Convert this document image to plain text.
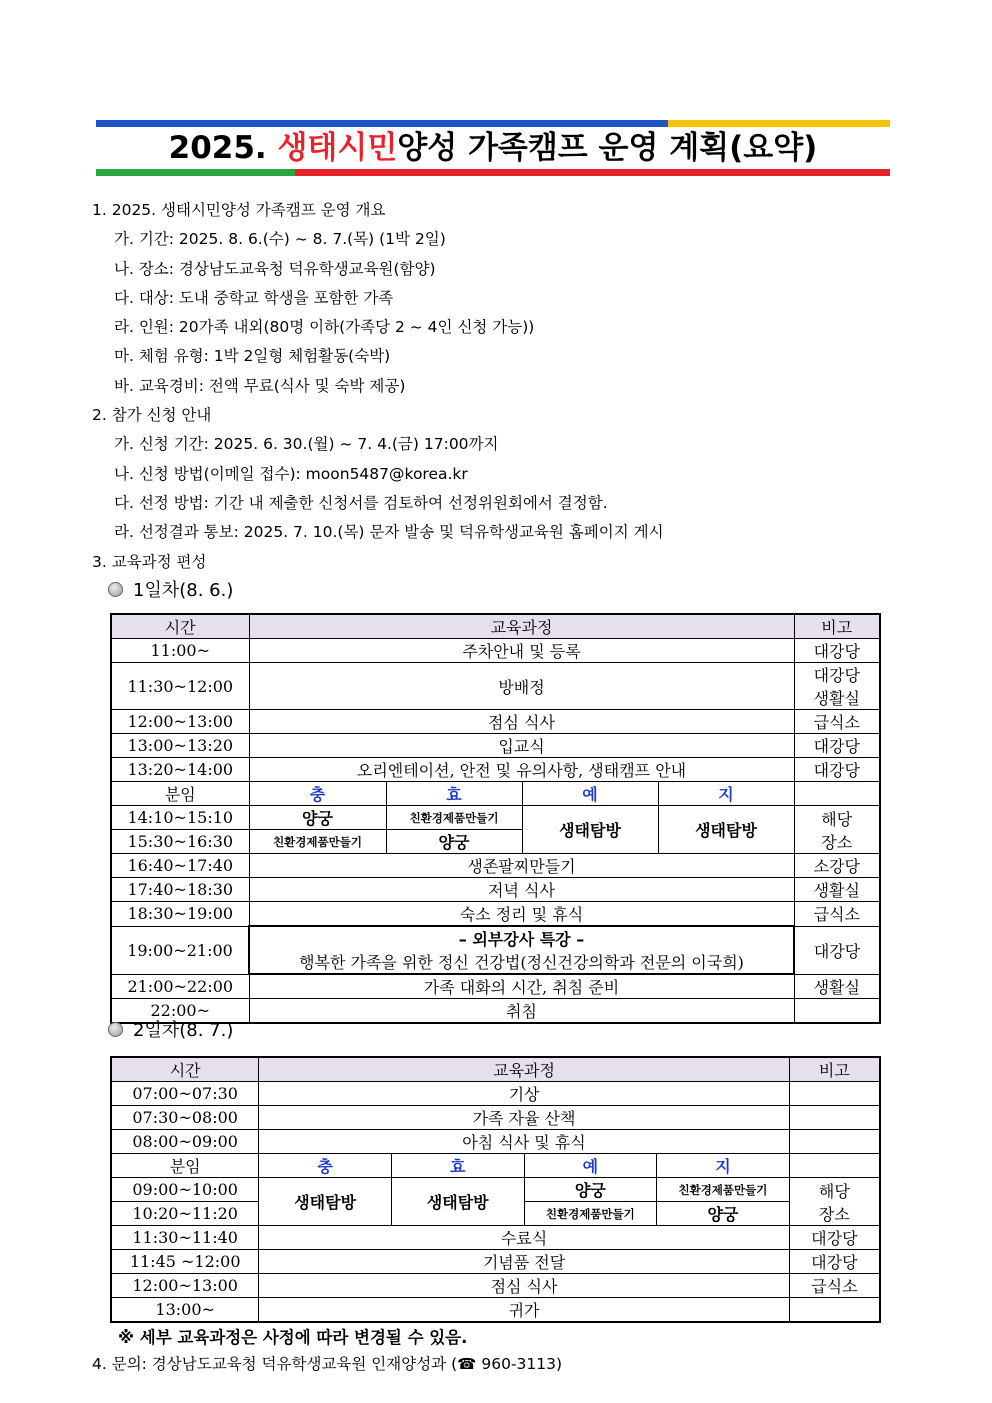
2025. 생태시민양성 가족캠프 운영 계획(요약)
1. 2025. 생태시민양성 가족캠프 운영 개요
가. 기간: 2025. 8. 6.(수) ~ 8. 7.(목) (1박 2일)
나. 장소: 경상남도교육청 덕유학생교육원(함양)
다. 대상: 도내 중학교 학생을 포함한 가족
라. 인원: 20가족 내외(80명 이하(가족당 2 ~ 4인 신청 가능))
마. 체험 유형: 1박 2일형 체험활동(숙박)
바. 교육경비: 전액 무료(식사 및 숙박 제공)
2. 참가 신청 안내
가. 신청 기간: 2025. 6. 30.(월) ~ 7. 4.(금) 17:00까지
나. 신청 방법(이메일 접수): moon5487@korea.kr
다. 선정 방법: 기간 내 제출한 신청서를 검토하여 선정위원회에서 결정함.
라. 선정결과 통보: 2025. 7. 10.(목) 문자 발송 및 덕유학생교육원 홈페이지 게시
3. 교육과정 편성
1일차(8. 6.)
시간	교육과정				비고
11:00~	주차안내 및 등록				대강당
11:30~12:00	방배정				대강당
생활실

12:00~13:00	점심 식사				급식소
13:00~13:20	입교식				대강당
13:20~14:00	오리엔테이션, 안전 및 유의사항, 생태캠프 안내				대강당
분임	충	효	예	지	
14:10~15:10	양궁	친환경제품만들기	생태탐방	생태탐방	해당
장소
15:30~16:30	친환경제품만들기	양궁			
16:40~17:40	생존팔찌만들기				소강당
17:40~18:30	저녁 식사				생활실
18:30~19:00	숙소 정리 및 휴식				급식소
19:00~21:00	– 외부강사 특강 –
행복한 가족을 위한 정신 건강법(정신건강의학과 전문의 이국희)				대강당
21:00~22:00	가족 대화의 시간, 취침 준비				생활실
22:00~	취침				
2일차(8. 7.)
시간	교육과정				비고
07:00~07:30	기상				
07:30~08:00	가족 자율 산책				
08:00~09:00	아침 식사 및 휴식				
분임	충	효	예	지	
09:00~10:00	생태탐방	생태탐방	양궁	친환경제품만들기	해당
장소
10:20~11:20			친환경제품만들기	양궁	
11:30~11:40	수료식				대강당
11:45 ~12:00	기념품 전달				대강당
12:00~13:00	점심 식사				급식소
13:00~	귀가				
※ 세부 교육과정은 사정에 따라 변경될 수 있음.
4. 문의: 경상남도교육청 덕유학생교육원 인재양성과 (☎ 960-3113)
